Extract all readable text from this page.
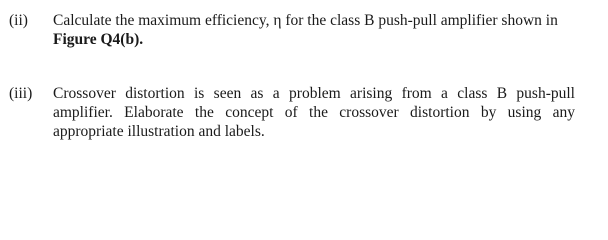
(ii) Calculate the maximum efficiency, η for the class B push-pull amplifier shown in
Figure Q4(b).
(iii) Crossover distortion is seen as a problem arising from a class B push-pull
amplifier. Elaborate the concept of the crossover distortion by using any
appropriate illustration and labels.
